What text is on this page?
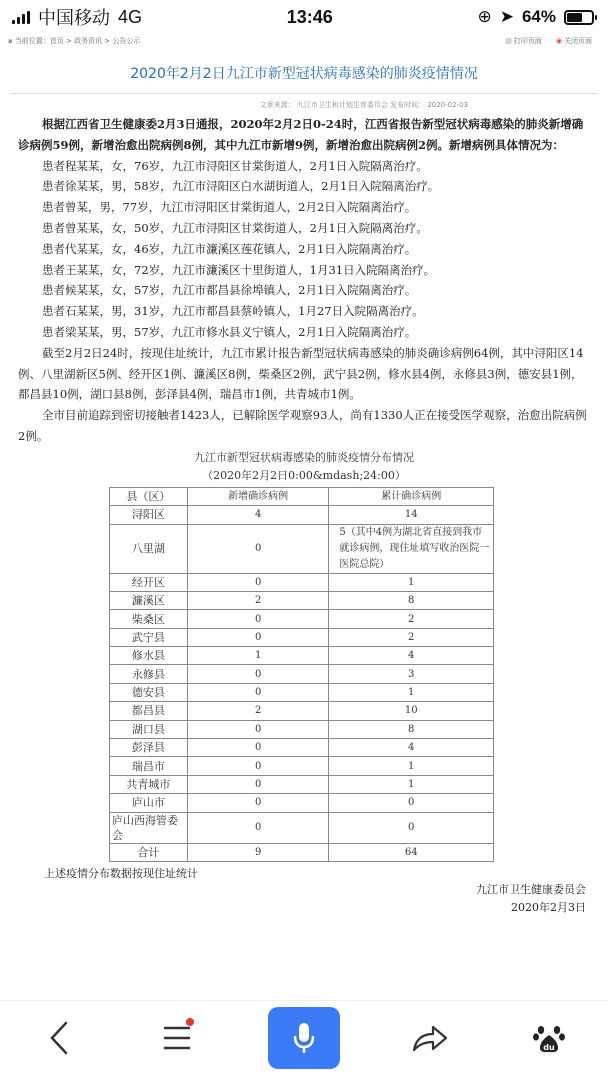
中国移动 4G	13:46	⊕ ➤ 64%
▪ 当前位置：首页 > 政务资讯 > 公告公示	▤ 打印页面 ◉ 关闭页面
2020年2月2日九江市新型冠状病毒感染的肺炎疫情情况
文章来源： 九江市卫生和计划生育委员会 发布时间： 2020-02-03

根据江西省卫生健康委2月3日通报，2020年2月2日0-24时，江西省报告新型冠状病毒感染的肺炎新增确诊病例59例，新增治愈出院病例8例，其中九江市新增9例，新增治愈出院病例2例。新增病例具体情况为：

患者程某某，女，76岁，九江市浔阳区甘棠街道人，2月1日入院隔离治疗。
患者徐某某，男，58岁，九江市浔阳区白水湖街道人，2月1日入院隔离治疗。
患者曾某，男，77岁，九江市浔阳区甘棠街道人，2月2日入院隔离治疗。
患者曾某某，女，50岁，九江市浔阳区甘棠街道人，2月1日入院隔离治疗。
患者代某某，女，46岁，九江市濂溪区莲花镇人，2月1日入院隔离治疗。
患者王某某，女，72岁，九江市濂溪区十里街道人，1月31日入院隔离治疗。
患者候某某，女，57岁，九江市都昌县徐埠镇人，2月1日入院隔离治疗。
患者石某某，男，31岁，九江市都昌县蔡岭镇人，1月27日入院隔离治疗。
患者梁某某，男，57岁，九江市修水县义宁镇人，2月1日入院隔离治疗。

截至2月2日24时，按现住址统计，九江市累计报告新型冠状病毒感染的肺炎确诊病例64例，其中浔阳区14例、八里湖新区5例、经开区1例、濂溪区8例，柴桑区2例，武宁县2例，修水县4例，永修县3例，德安县1例，都昌县10例，湖口县8例，彭泽县4例，瑞昌市1例，共青城市1例。

全市目前追踪到密切接触者1423人，已解除医学观察93人，尚有1330人正在接受医学观察，治愈出院病例2例。

九江市新型冠状病毒感染的肺炎疫情分布情况
（2020年2月2日0:00&mdash;24:00）
县（区）	新增确诊病例	累计确诊病例
浔阳区	4	14
八里湖	0	5（其中4例为湖北省直接到我市就诊病例，现住址填写收治医院一医院总院）
经开区	0	1
濂溪区	2	8
柴桑区	0	2
武宁县	0	2
修水县	1	4
永修县	0	3
德安县	0	1
都昌县	2	10
湖口县	0	8
彭泽县	0	4
瑞昌市	0	1
共青城市	0	1
庐山市	0	0
庐山西海管委会	0	0
合计	9	64
上述疫情分布数据按现住址统计
九江市卫生健康委员会
2020年2月3日
du
